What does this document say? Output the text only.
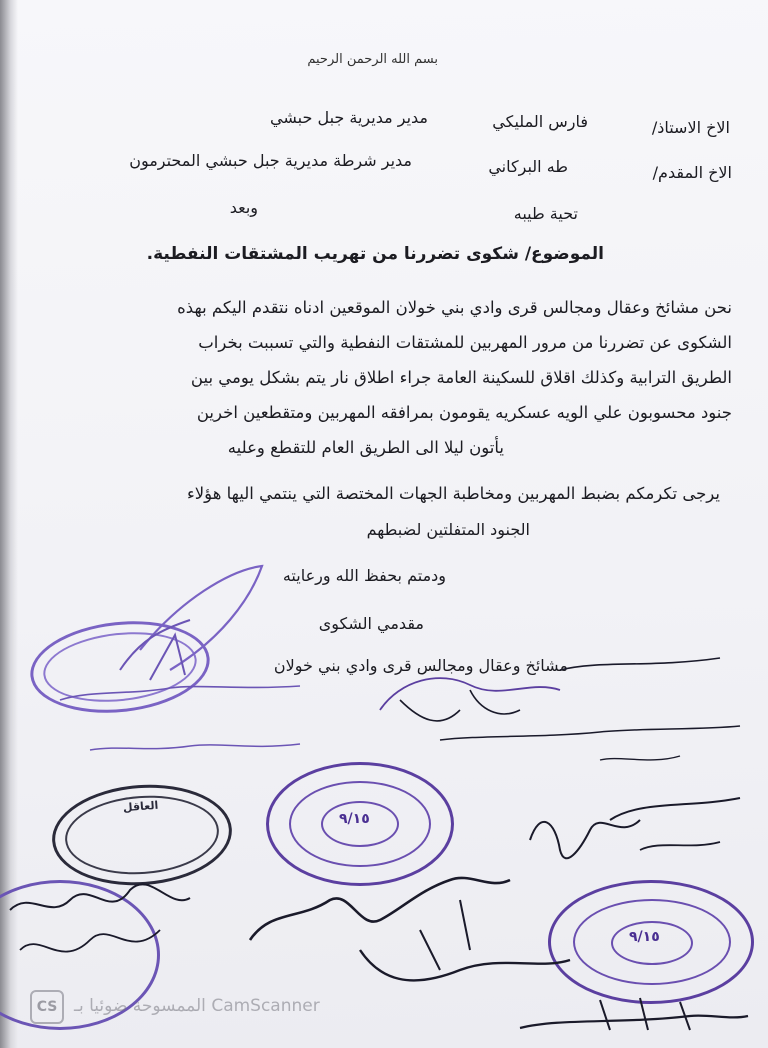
بسم الله الرحمن الرحيم
الاخ الاستاذ/
فارس المليكي
مدير مديرية جبل حبشي
الاخ المقدم/
طه البركاني
مدير شرطة مديرية جبل حبشي المحترمون
تحية طيبه
وبعد
الموضوع/ شكوى تضررنا من تهريب المشتقات النفطية.
نحن مشائخ وعقال ومجالس قرى وادي بني خولان الموقعين ادناه نتقدم اليكم بهذه
الشكوى عن تضررنا من مرور المهربين للمشتقات النفطية والتي تسببت بخراب
الطريق الترابية وكذلك اقلاق للسكينة العامة جراء اطلاق نار يتم بشكل يومي بين
جنود محسوبون علي الويه عسكريه يقومون بمرافقه المهربين ومتقطعين اخرين
يأتون ليلا الى الطريق العام للتقطع وعليه
يرجى تكرمكم بضبط المهربين ومخاطبة الجهات المختصة التي ينتمي اليها هؤلاء
الجنود المتفلتين لضبطهم
ودمتم بحفظ الله ورعايته
مقدمي الشكوى
مشائخ وعقال ومجالس قرى وادي بني خولان
العاقل
٩/١٥
٩/١٥
CS الممسوحة ضوئيا بـ CamScanner
